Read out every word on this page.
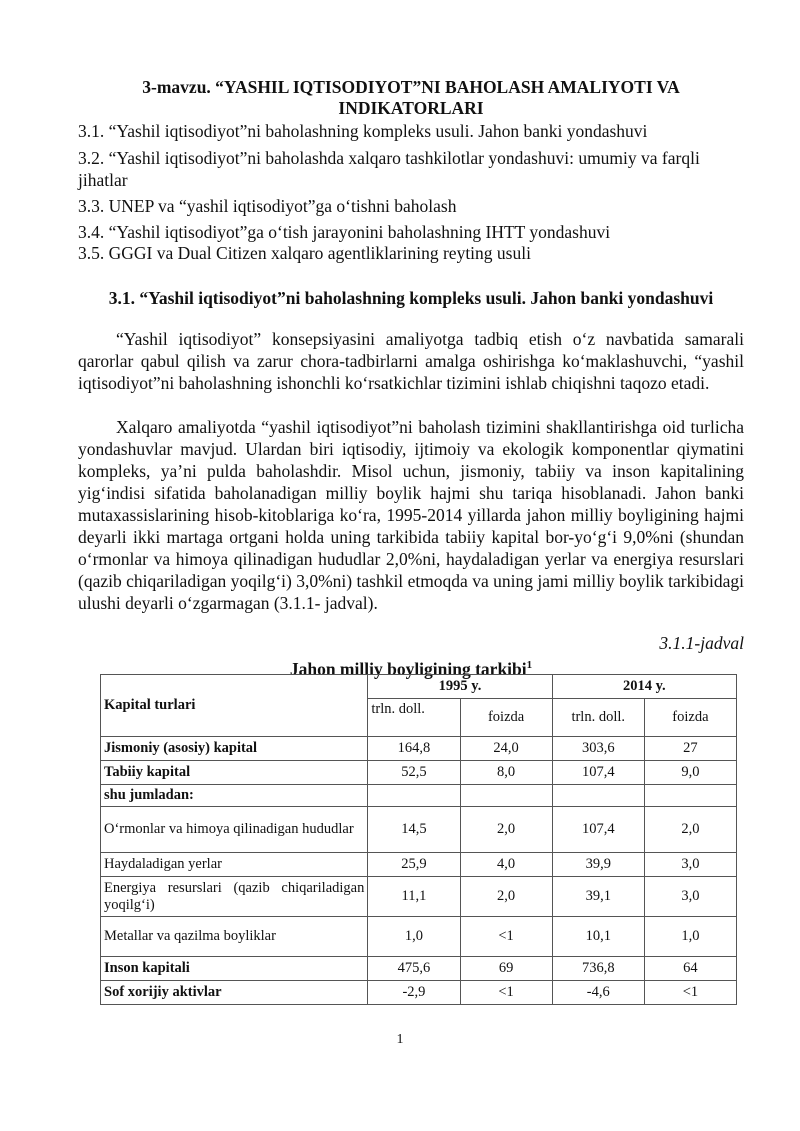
3-mavzu. “YASHIL IQTISODIYOT”NI BAHOLASH AMALIYOTI VA
INDIKATORLARI
3.1. “Yashil iqtisodiyot”ni baholashning kompleks usuli. Jahon banki yondashuvi
3.2. “Yashil iqtisodiyot”ni baholashda xalqaro tashkilotlar yondashuvi: umumiy va farqli jihatlar
3.3. UNEP va “yashil iqtisodiyot”ga o‘tishni baholash
3.4. “Yashil iqtisodiyot”ga o‘tish jarayonini baholashning IHTT yondashuvi
3.5. GGGI va Dual Citizen xalqaro agentliklarining reyting usuli
3.1. “Yashil iqtisodiyot”ni baholashning kompleks usuli. Jahon banki yondashuvi

“Yashil iqtisodiyot” konsepsiyasini amaliyotga tadbiq etish o‘z navbatida samarali qarorlar qabul qilish va zarur chora-tadbirlarni amalga oshirishga ko‘maklashuvchi, “yashil iqtisodiyot”ni baholashning ishonchli ko‘rsatkichlar tizimini ishlab chiqishni taqozo etadi.

Xalqaro amaliyotda “yashil iqtisodiyot”ni baholash tizimini shakllantirishga oid turlicha yondashuvlar mavjud. Ulardan biri iqtisodiy, ijtimoiy va ekologik komponentlar qiymatini kompleks, ya’ni pulda baholashdir. Misol uchun, jismoniy, tabiiy va inson kapitalining yig‘indisi sifatida baholanadigan milliy boylik hajmi shu tariqa hisoblanadi. Jahon banki mutaxassislarining hisob-kitoblariga ko‘ra, 1995-2014 yillarda jahon milliy boyligining hajmi deyarli ikki martaga ortgani holda uning tarkibida tabiiy kapital bor-yo‘g‘i 9,0%ni (shundan o‘rmonlar va himoya qilinadigan hududlar 2,0%ni, haydaladigan yerlar va energiya resurslari (qazib chiqariladigan yoqilg‘i) 3,0%ni) tashkil etmoqda va uning jami milliy boylik tarkibidagi ulushi deyarli o‘zgarmagan (3.1.1- jadval).

3.1.1-jadval
Jahon milliy boyligining tarkibi$^1$
Kapital turlari	1995 y.		2014 y.	
	trln. doll.	foizda	trln. doll.	foizda
Jismoniy (asosiy) kapital	164,8	24,0	303,6	27
Tabiiy kapital	52,5	8,0	107,4	9,0
shu jumladan:				
O‘rmonlar va himoya qilinadigan hududlar	14,5	2,0	107,4	2,0
Haydaladigan yerlar	25,9	4,0	39,9	3,0
Energiya resurslari (qazib chiqariladigan yoqilg‘i)	11,1	2,0	39,1	3,0
Metallar va qazilma boyliklar	1,0	<1	10,1	1,0
Inson kapitali	475,6	69	736,8	64
Sof xorijiy aktivlar	-2,9	<1	-4,6	<1
1
